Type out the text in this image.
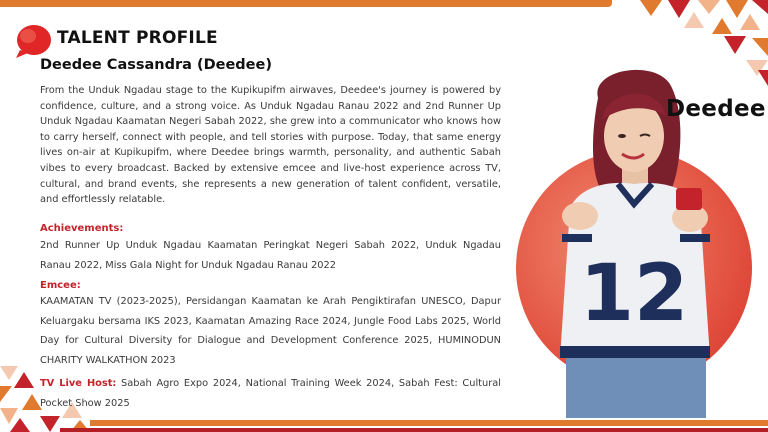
TALENT PROFILE
Deedee Cassandra (Deedee)

From the Unduk Ngadau stage to the Kupikupifm airwaves, Deedee's journey is powered by confidence, culture, and a strong voice. As Unduk Ngadau Ranau 2022 and 2nd Runner Up Unduk Ngadau Kaamatan Negeri Sabah 2022, she grew into a communicator who knows how to carry herself, connect with people, and tell stories with purpose. Today, that same energy lives on-air at Kupikupifm, where Deedee brings warmth, personality, and authentic Sabah vibes to every broadcast. Backed by extensive emcee and live-host experience across TV, cultural, and brand events, she represents a new generation of talent confident, versatile, and effortlessly relatable.

Achievements:

2nd Runner Up Unduk Ngadau Kaamatan Peringkat Negeri Sabah 2022, Unduk Ngadau Ranau 2022, Miss Gala Night for Unduk Ngadau Ranau 2022

Emcee:

KAAMATAN TV (2023-2025), Persidangan Kaamatan ke Arah Pengiktirafan UNESCO, Dapur Keluargaku bersama IKS 2023, Kaamatan Amazing Race 2024, Jungle Food Labs 2025, World Day for Cultural Diversity for Dialogue and Development Conference 2025, HUMINODUN CHARITY WALKATHON 2023

TV Live Host: Sabah Agro Expo 2024, National Training Week 2024, Sabah Fest: Cultural Pocket Show 2025

12
Deedee
